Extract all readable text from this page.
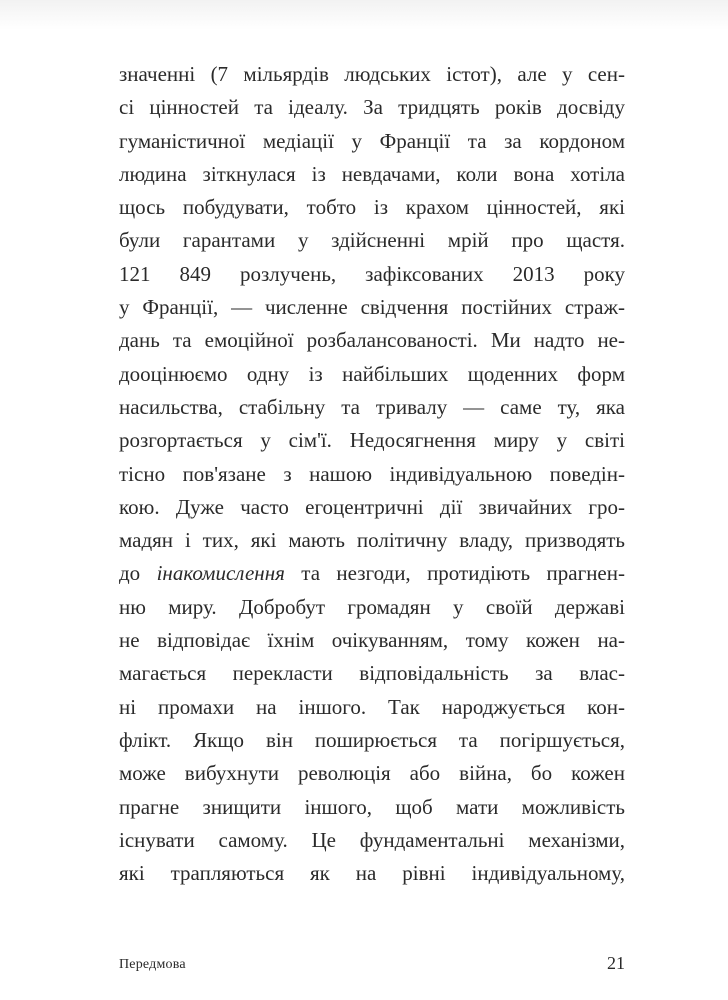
значенні (7 мільярдів людських істот), але у сен-
сі цінностей та ідеалу. За тридцять років досвіду
гуманістичної медіації у Франції та за кордоном
людина зіткнулася із невдачами, коли вона хотіла
щось побудувати, тобто із крахом цінностей, які
були гарантами у здійсненні мрій про щастя.
121 849 розлучень, зафіксованих 2013 року
у Франції, — численне свідчення постійних страж-
дань та емоційної розбалансованості. Ми надто не-
дооцінюємо одну із найбільших щоденних форм
насильства, стабільну та тривалу — саме ту, яка
розгортається у сім'ї. Недосягнення миру у світі
тісно пов'язане з нашою індивідуальною поведін-
кою. Дуже часто егоцентричні дії звичайних гро-
мадян і тих, які мають політичну владу, призводять
до інакомислення та незгоди, протидіють прагнен-
ню миру. Добробут громадян у своїй державі
не відповідає їхнім очікуванням, тому кожен на-
магається перекласти відповідальність за влас-
ні промахи на іншого. Так народжується кон-
флікт. Якщо він поширюється та погіршується,
може вибухнути революція або війна, бо кожен
прагне знищити іншого, щоб мати можливість
існувати самому. Це фундаментальні механізми,
які трапляються як на рівні індивідуальному,
Передмова	21
